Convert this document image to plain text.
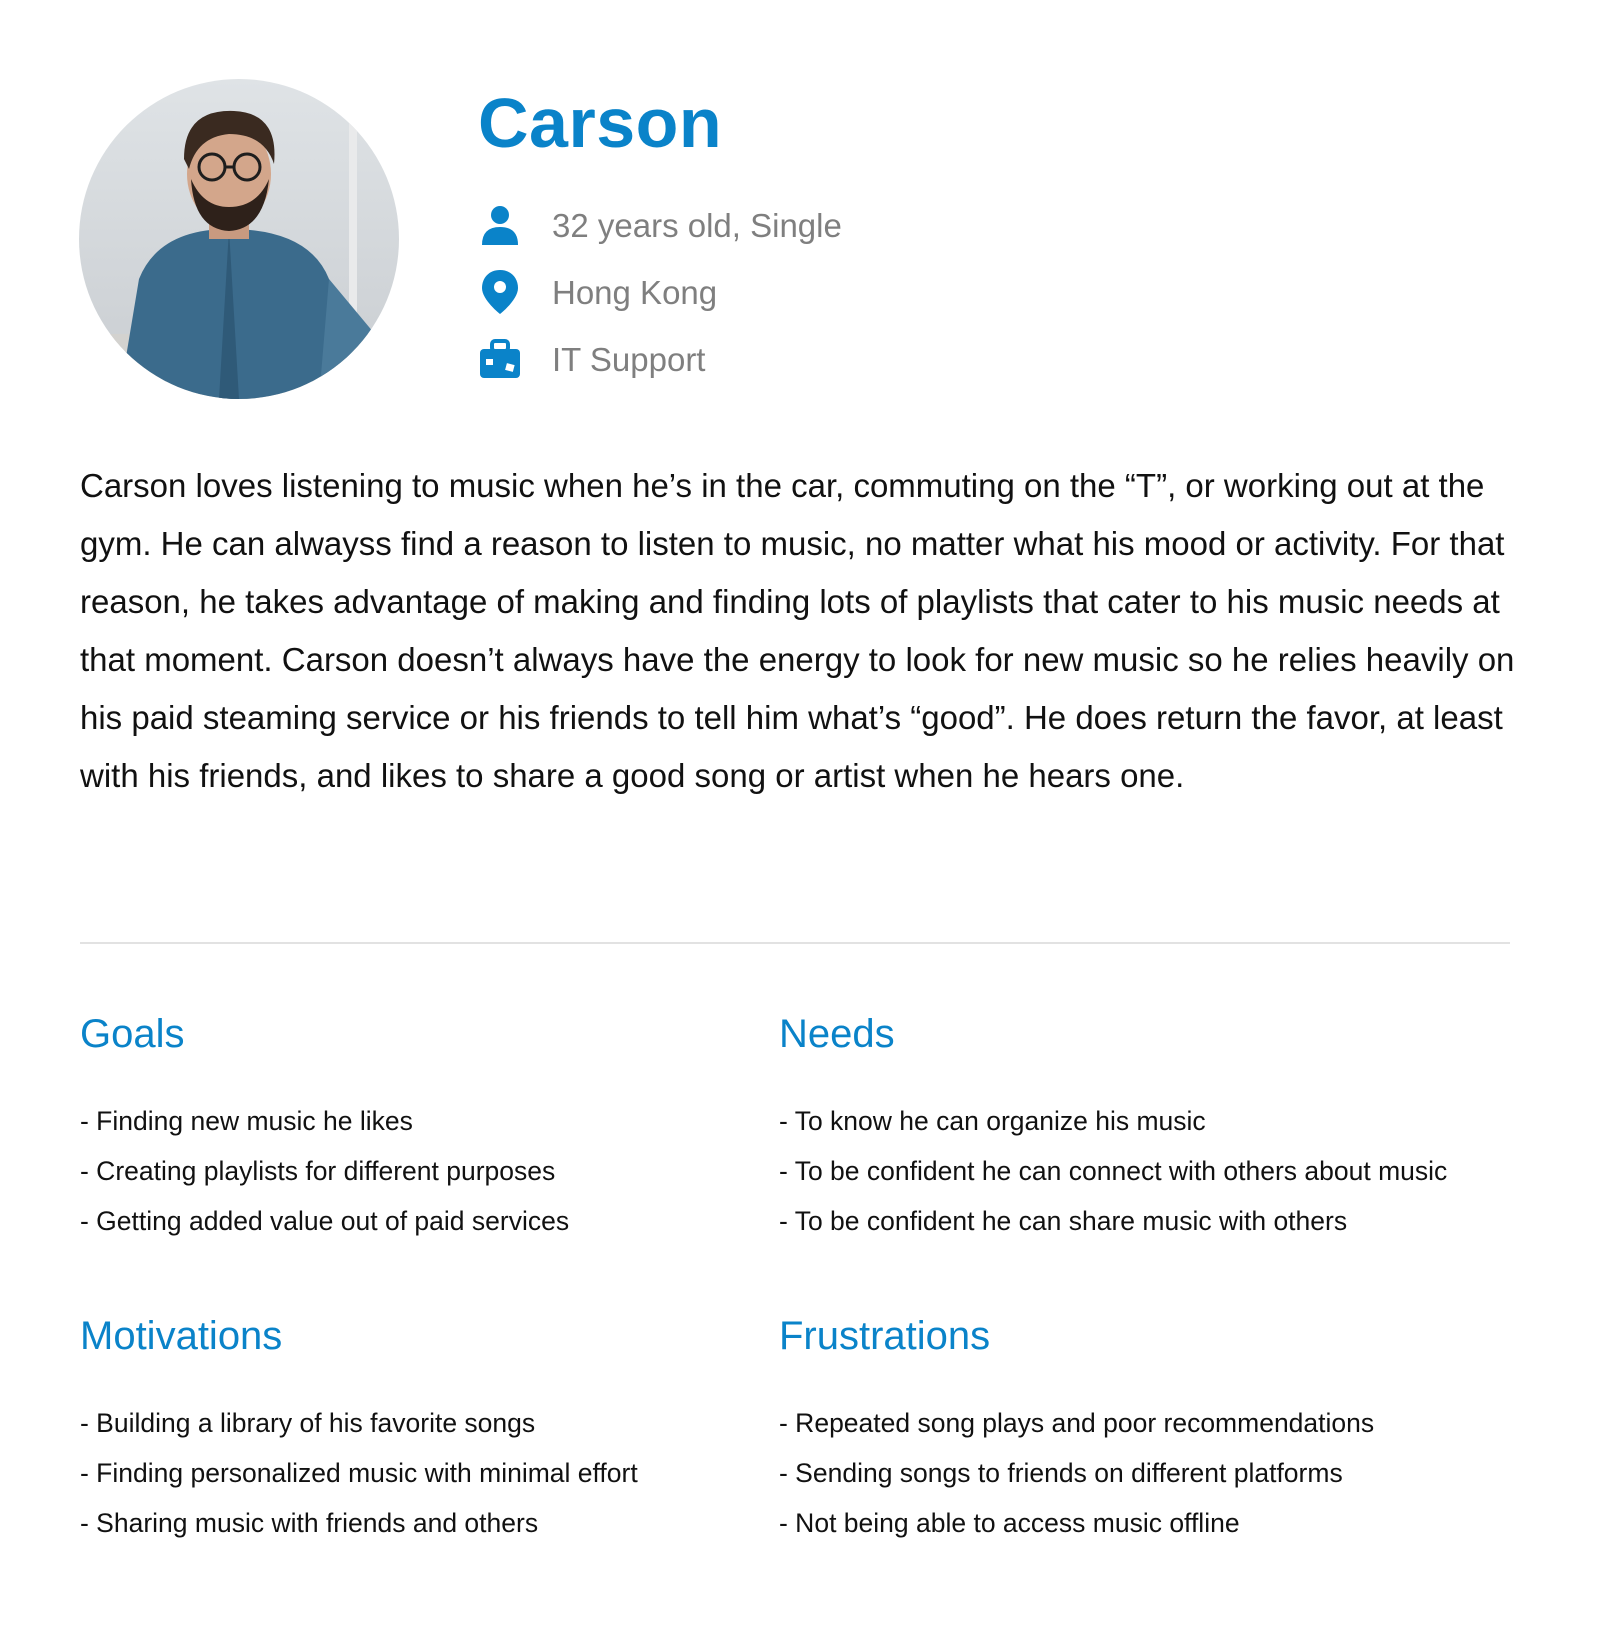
Carson
32 years old, Single
Hong Kong
IT Support

Carson loves listening to music when he’s in the car, commuting on the “T”, or working out at the gym. He can alwayss find a reason to listen to music, no matter what his mood or activity. For that reason, he takes advantage of making and finding lots of playlists that cater to his music needs at that moment. Carson doesn’t always have the energy to look for new music so he relies heavily on his paid steaming service or his friends to tell him what’s “good”. He does return the favor, at least with his friends, and likes to share a good song or artist when he hears one.

Goals
- Finding new music he likes
- Creating playlists for different purposes
- Getting added value out of paid services
Needs
- To know he can organize his music
- To be confident he can connect with others about music
- To be confident he can share music with others
Motivations
- Building a library of his favorite songs
- Finding personalized music with minimal effort
- Sharing music with friends and others
Frustrations
- Repeated song plays and poor recommendations
- Sending songs to friends on different platforms
- Not being able to access music offline
